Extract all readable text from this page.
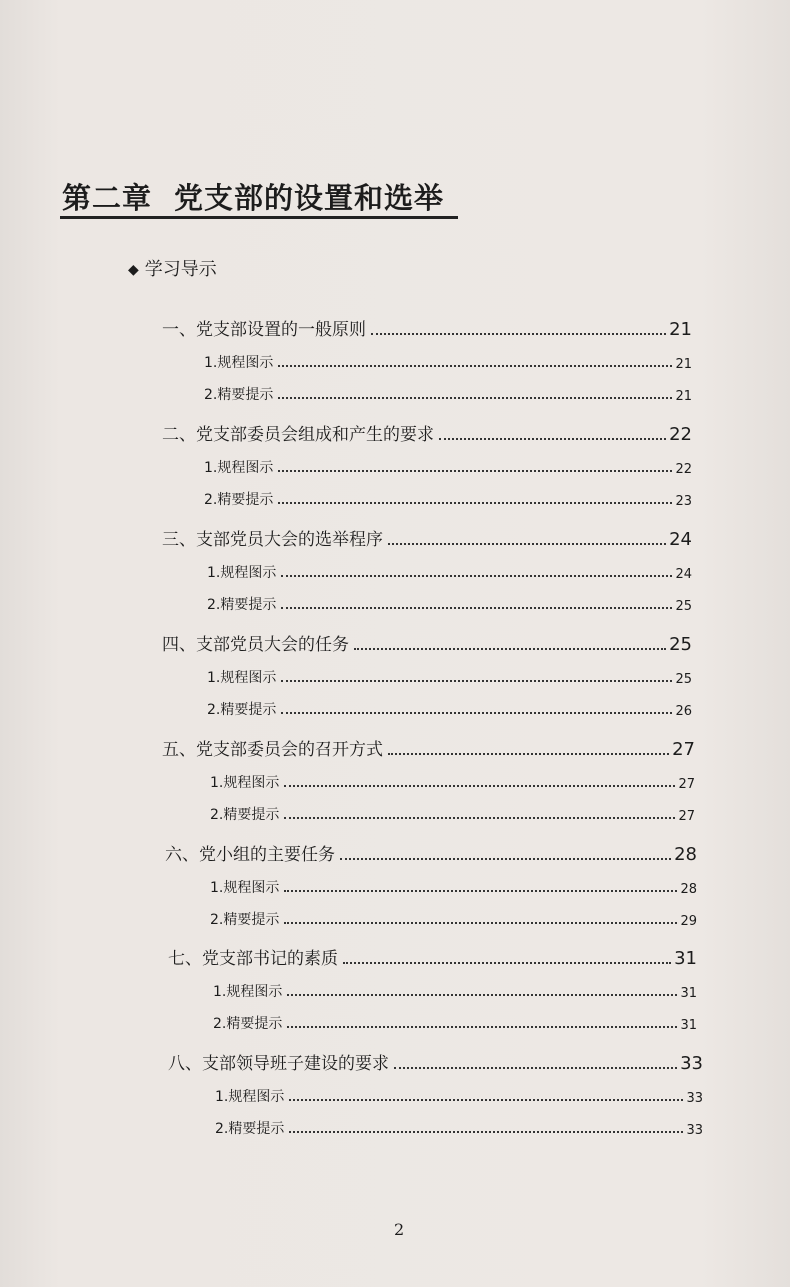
第二章 党支部的设置和选举
◆ 学习导示
一、党支部设置的一般原则	21
1.规程图示	21
2.精要提示	21
二、党支部委员会组成和产生的要求	22
1.规程图示	22
2.精要提示	23
三、支部党员大会的选举程序	24
1.规程图示	24
2.精要提示	25
四、支部党员大会的任务	25
1.规程图示	25
2.精要提示	26
五、党支部委员会的召开方式	27
1.规程图示	27
2.精要提示	27
六、党小组的主要任务	28
1.规程图示	28
2.精要提示	29
七、党支部书记的素质	31
1.规程图示	31
2.精要提示	31
八、支部领导班子建设的要求	33
1.规程图示	33
2.精要提示	33
2
